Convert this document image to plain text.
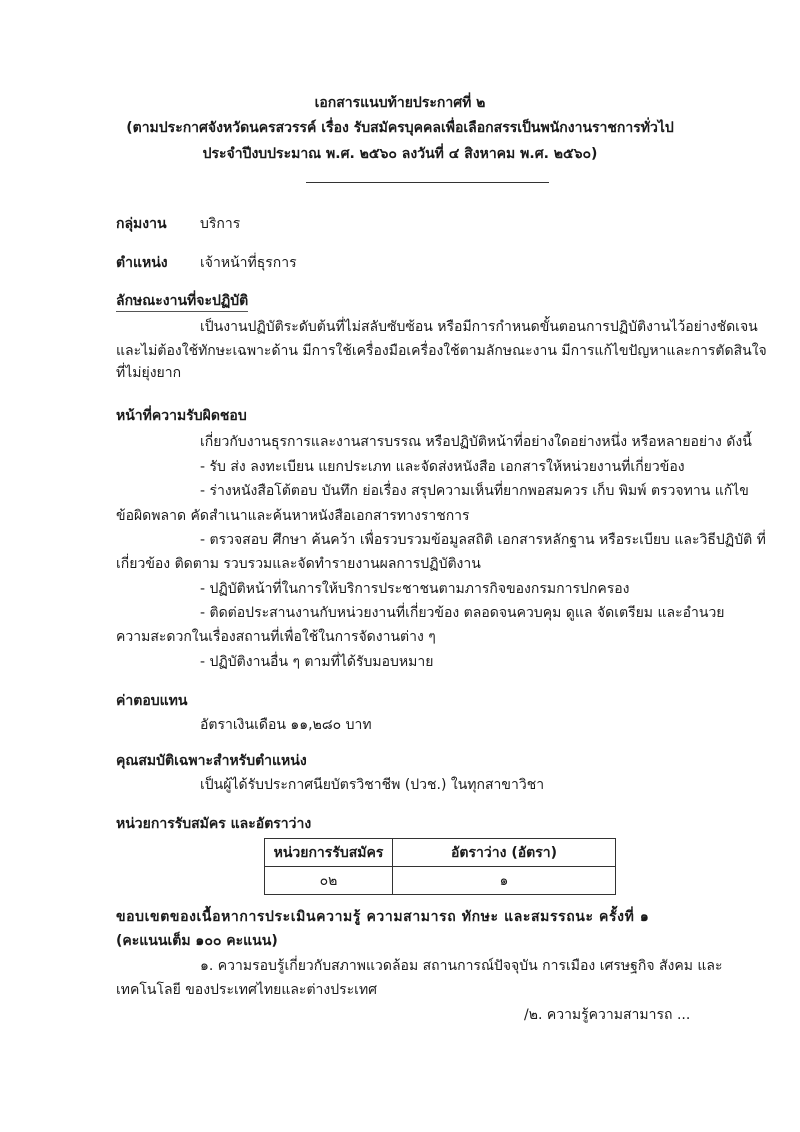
เอกสารแนบท้ายประกาศที่ ๒
(ตามประกาศจังหวัดนครสวรรค์ เรื่อง รับสมัครบุคคลเพื่อเลือกสรรเป็นพนักงานราชการทั่วไป
ประจำปีงบประมาณ พ.ศ. ๒๕๖๐ ลงวันที่ ๔ สิงหาคม พ.ศ. ๒๕๖๐)
กลุ่มงาน บริการ
ตำแหน่ง เจ้าหน้าที่ธุรการ
ลักษณะงานที่จะปฏิบัติ
เป็นงานปฏิบัติระดับต้นที่ไม่สลับซับซ้อน หรือมีการกำหนดขั้นตอนการปฏิบัติงานไว้อย่างชัดเจน
และไม่ต้องใช้ทักษะเฉพาะด้าน มีการใช้เครื่องมือเครื่องใช้ตามลักษณะงาน มีการแก้ไขปัญหาและการตัดสินใจ
ที่ไม่ยุ่งยาก
หน้าที่ความรับผิดชอบ
เกี่ยวกับงานธุรการและงานสารบรรณ หรือปฏิบัติหน้าที่อย่างใดอย่างหนึ่ง หรือหลายอย่าง ดังนี้
- รับ ส่ง ลงทะเบียน แยกประเภท และจัดส่งหนังสือ เอกสารให้หน่วยงานที่เกี่ยวข้อง
- ร่างหนังสือโต้ตอบ บันทึก ย่อเรื่อง สรุปความเห็นที่ยากพอสมควร เก็บ พิมพ์ ตรวจทาน แก้ไข
ข้อผิดพลาด คัดสำเนาและค้นหาหนังสือเอกสารทางราชการ
- ตรวจสอบ ศึกษา ค้นคว้า เพื่อรวบรวมข้อมูลสถิติ เอกสารหลักฐาน หรือระเบียบ และวิธีปฏิบัติ ที่
เกี่ยวข้อง ติดตาม รวบรวมและจัดทำรายงานผลการปฏิบัติงาน
- ปฏิบัติหน้าที่ในการให้บริการประชาชนตามภารกิจของกรมการปกครอง
- ติดต่อประสานงานกับหน่วยงานที่เกี่ยวข้อง ตลอดจนควบคุม ดูแล จัดเตรียม และอำนวย
ความสะดวกในเรื่องสถานที่เพื่อใช้ในการจัดงานต่าง ๆ
- ปฏิบัติงานอื่น ๆ ตามที่ได้รับมอบหมาย
ค่าตอบแทน
อัตราเงินเดือน ๑๑,๒๘๐ บาท
คุณสมบัติเฉพาะสำหรับตำแหน่ง
เป็นผู้ได้รับประกาศนียบัตรวิชาชีพ (ปวช.) ในทุกสาขาวิชา
หน่วยการรับสมัคร และอัตราว่าง
หน่วยการรับสมัคร	อัตราว่าง (อัตรา)
๐๒	๑
ขอบเขตของเนื้อหาการประเมินความรู้ ความสามารถ ทักษะ และสมรรถนะ ครั้งที่ ๑
(คะแนนเต็ม ๑๐๐ คะแนน)
๑. ความรอบรู้เกี่ยวกับสภาพแวดล้อม สถานการณ์ปัจจุบัน การเมือง เศรษฐกิจ สังคม และ
เทคโนโลยี ของประเทศไทยและต่างประเทศ
/๒. ความรู้ความสามารถ ...
